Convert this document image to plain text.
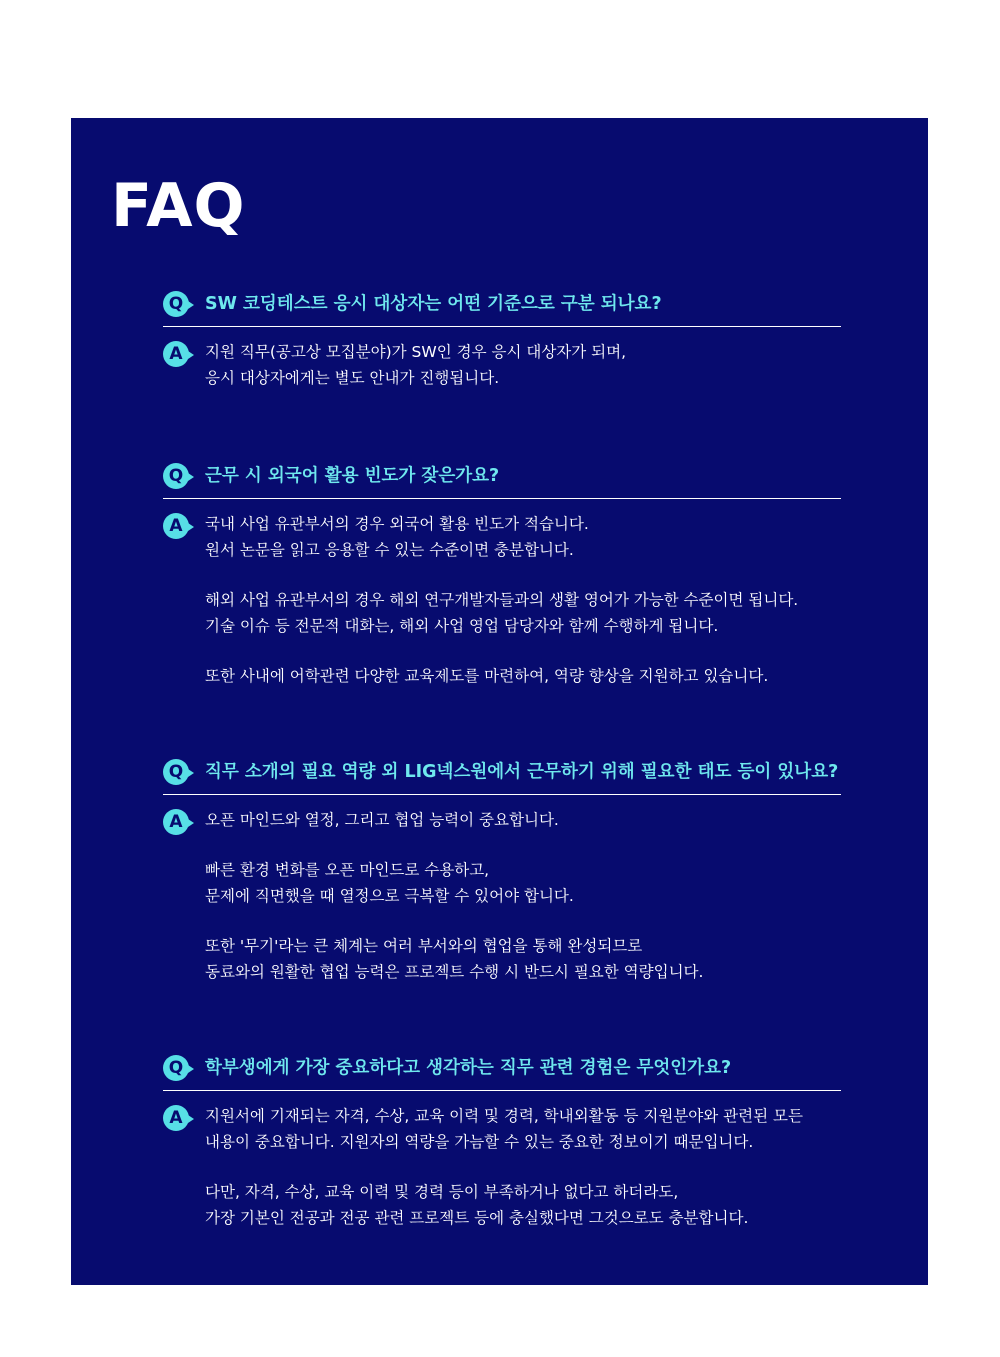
FAQ
Q	SW 코딩테스트 응시 대상자는 어떤 기준으로 구분 되나요?
A	지원 직무(공고상 모집분야)가 SW인 경우 응시 대상자가 되며,
응시 대상자에게는 별도 안내가 진행됩니다.

Q	근무 시 외국어 활용 빈도가 잦은가요?
A	국내 사업 유관부서의 경우 외국어 활용 빈도가 적습니다.
원서 논문을 읽고 응용할 수 있는 수준이면 충분합니다.

해외 사업 유관부서의 경우 해외 연구개발자들과의 생활 영어가 가능한 수준이면 됩니다.
기술 이슈 등 전문적 대화는, 해외 사업 영업 담당자와 함께 수행하게 됩니다.

또한 사내에 어학관련 다양한 교육제도를 마련하여, 역량 향상을 지원하고 있습니다.

Q	직무 소개의 필요 역량 외 LIG넥스원에서 근무하기 위해 필요한 태도 등이 있나요?
A	오픈 마인드와 열정, 그리고 협업 능력이 중요합니다.

빠른 환경 변화를 오픈 마인드로 수용하고,
문제에 직면했을 때 열정으로 극복할 수 있어야 합니다.

또한 '무기'라는 큰 체계는 여러 부서와의 협업을 통해 완성되므로
동료와의 원활한 협업 능력은 프로젝트 수행 시 반드시 필요한 역량입니다.

Q	학부생에게 가장 중요하다고 생각하는 직무 관련 경험은 무엇인가요?
A	지원서에 기재되는 자격, 수상, 교육 이력 및 경력, 학내외활동 등 지원분야와 관련된 모든
내용이 중요합니다. 지원자의 역량을 가늠할 수 있는 중요한 정보이기 때문입니다.

다만, 자격, 수상, 교육 이력 및 경력 등이 부족하거나 없다고 하더라도,
가장 기본인 전공과 전공 관련 프로젝트 등에 충실했다면 그것으로도 충분합니다.
